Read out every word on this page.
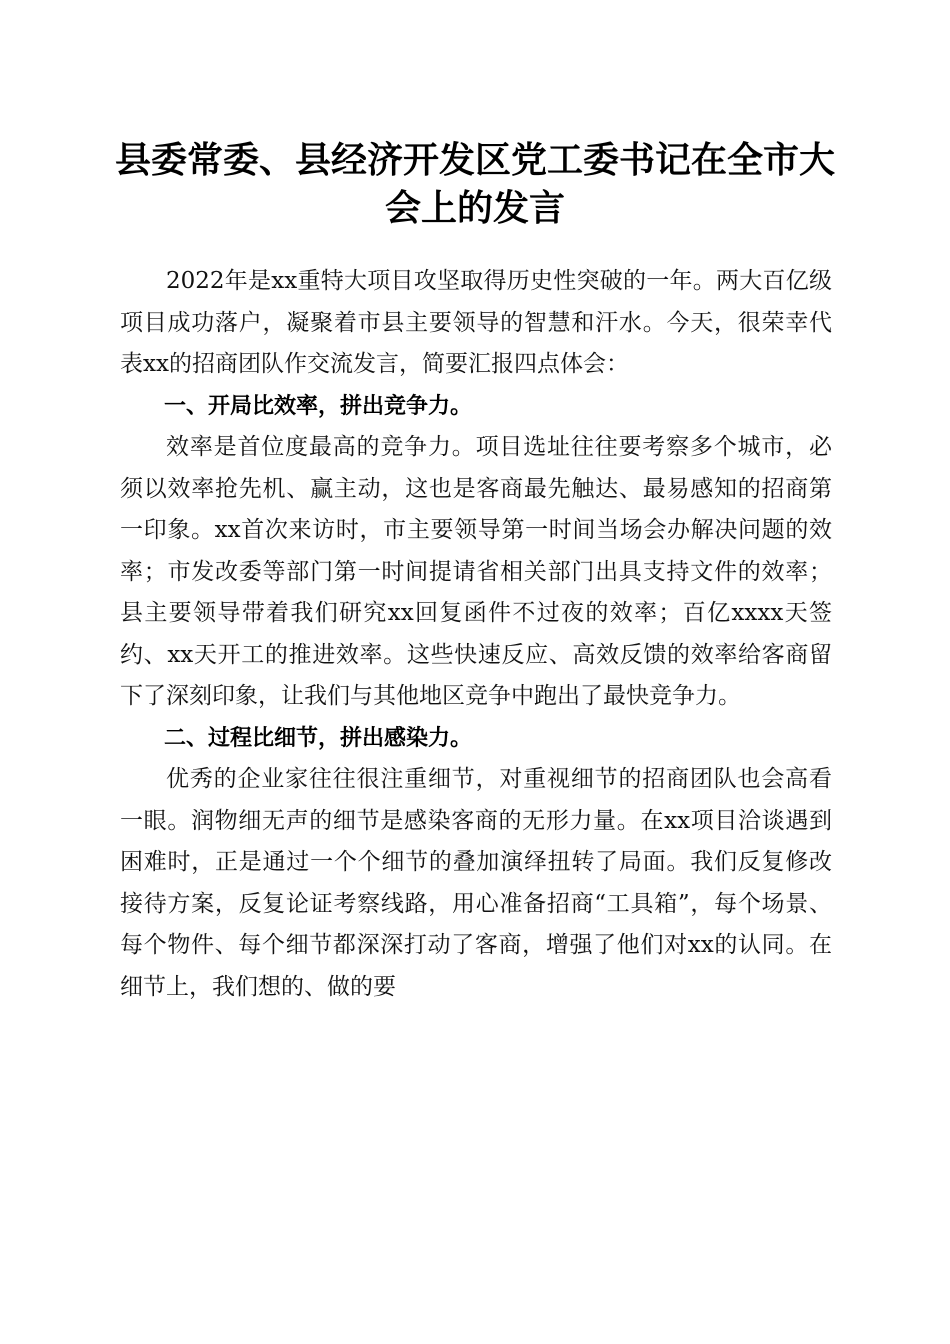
县委常委、县经济开发区党工委书记在全市大
会上的发言

2022年是xx重特大项目攻坚取得历史性突破的一年。两大百亿级项目成功落户，凝聚着市县主要领导的智慧和汗水。今天，很荣幸代表xx的招商团队作交流发言，简要汇报四点体会：

一、开局比效率，拼出竞争力。

效率是首位度最高的竞争力。项目选址往往要考察多个城市，必须以效率抢先机、赢主动，这也是客商最先触达、最易感知的招商第一印象。xx首次来访时，市主要领导第一时间当场会办解决问题的效率；市发改委等部门第一时间提请省相关部门出具支持文件的效率；县主要领导带着我们研究xx回复函件不过夜的效率；百亿xxxx天签约、xx天开工的推进效率。这些快速反应、高效反馈的效率给客商留下了深刻印象，让我们与其他地区竞争中跑出了最快竞争力。

二、过程比细节，拼出感染力。

优秀的企业家往往很注重细节，对重视细节的招商团队也会高看一眼。润物细无声的细节是感染客商的无形力量。在xx项目洽谈遇到困难时，正是通过一个个细节的叠加演绎扭转了局面。我们反复修改接待方案，反复论证考察线路，用心准备招商“工具箱”，每个场景、每个物件、每个细节都深深打动了客商，增强了他们对xx的认同。在细节上，我们想的、做的要
